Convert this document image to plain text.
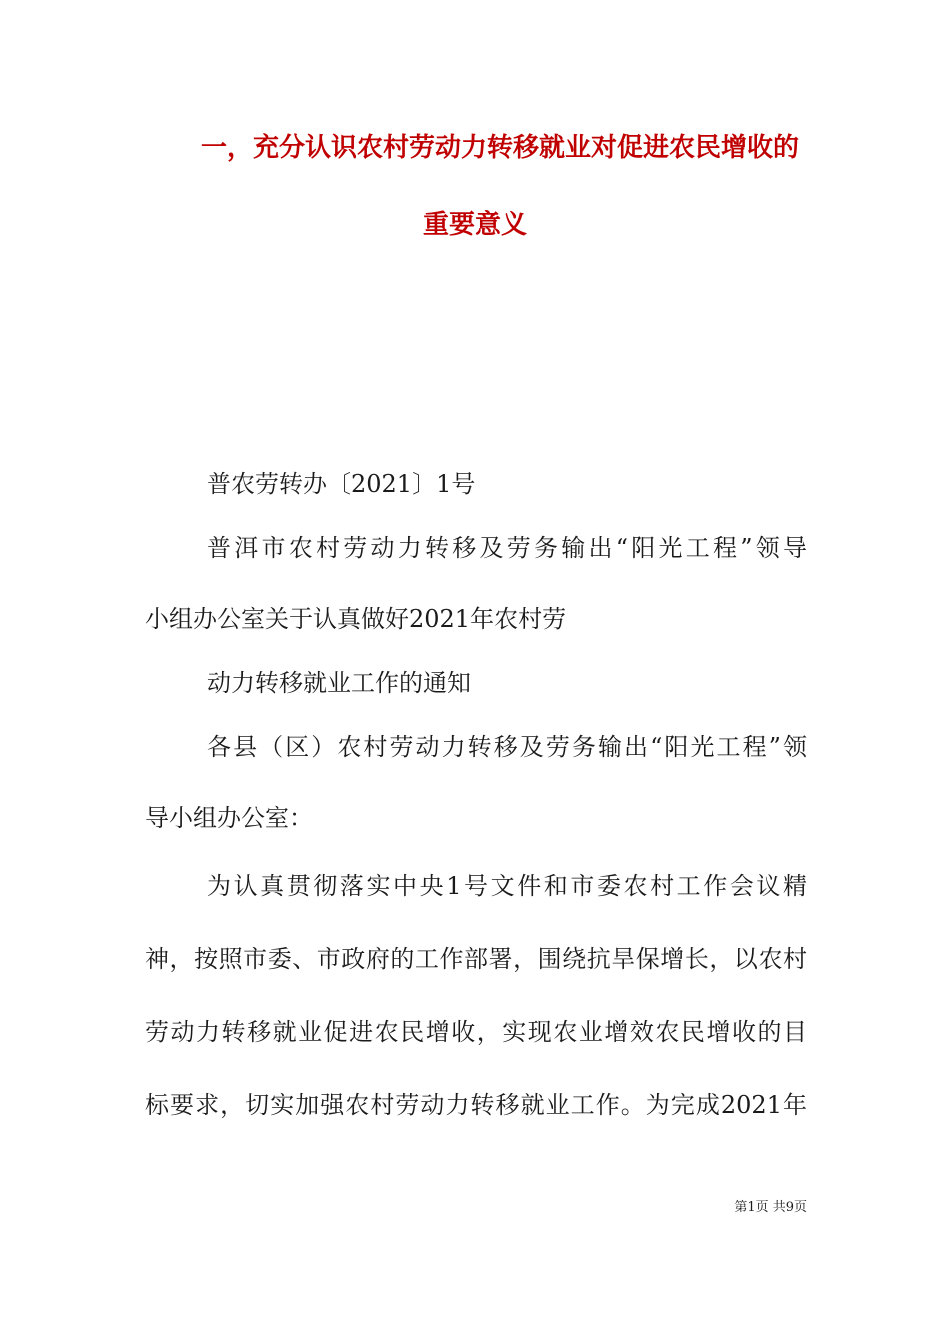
一，充分认识农村劳动力转移就业对促进农民增收的
重要意义
普农劳转办〔2021〕1号
普洱市农村劳动力转移及劳务输出“阳光工程”领导
小组办公室关于认真做好2021年农村劳
动力转移就业工作的通知
各县（区）农村劳动力转移及劳务输出“阳光工程”领
导小组办公室：
为认真贯彻落实中央1号文件和市委农村工作会议精
神，按照市委、市政府的工作部署，围绕抗旱保增长，以农村
劳动力转移就业促进农民增收，实现农业增效农民增收的目
标要求，切实加强农村劳动力转移就业工作。为完成2021年
第1页 共9页
